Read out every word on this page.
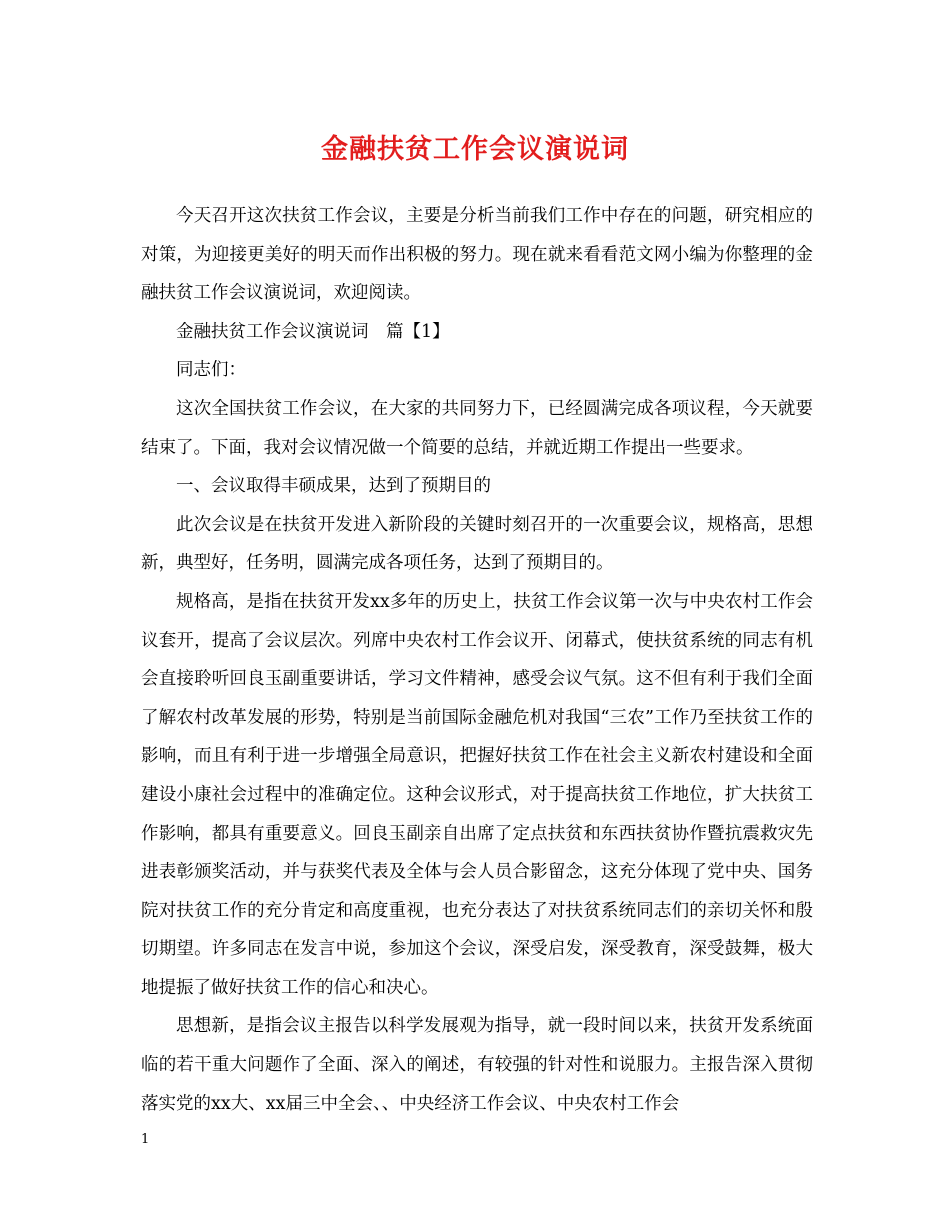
金融扶贫工作会议演说词

今天召开这次扶贫工作会议，主要是分析当前我们工作中存在的问题，研究相应的对策，为迎接更美好的明天而作出积极的努力。现在就来看看范文网小编为你整理的金融扶贫工作会议演说词，欢迎阅读。

金融扶贫工作会议演说词　篇【1】

同志们：

这次全国扶贫工作会议，在大家的共同努力下，已经圆满完成各项议程，今天就要结束了。下面，我对会议情况做一个简要的总结，并就近期工作提出一些要求。

一、会议取得丰硕成果，达到了预期目的

此次会议是在扶贫开发进入新阶段的关键时刻召开的一次重要会议，规格高，思想新，典型好，任务明，圆满完成各项任务，达到了预期目的。

规格高，是指在扶贫开发xx多年的历史上，扶贫工作会议第一次与中央农村工作会议套开，提高了会议层次。列席中央农村工作会议开、闭幕式，使扶贫系统的同志有机会直接聆听回良玉副重要讲话，学习文件精神，感受会议气氛。这不但有利于我们全面了解农村改革发展的形势，特别是当前国际金融危机对我国“三农”工作乃至扶贫工作的影响，而且有利于进一步增强全局意识，把握好扶贫工作在社会主义新农村建设和全面建设小康社会过程中的准确定位。这种会议形式，对于提高扶贫工作地位，扩大扶贫工作影响，都具有重要意义。回良玉副亲自出席了定点扶贫和东西扶贫协作暨抗震救灾先进表彰颁奖活动，并与获奖代表及全体与会人员合影留念，这充分体现了党中央、国务院对扶贫工作的充分肯定和高度重视，也充分表达了对扶贫系统同志们的亲切关怀和殷切期望。许多同志在发言中说，参加这个会议，深受启发，深受教育，深受鼓舞，极大地提振了做好扶贫工作的信心和决心。

思想新，是指会议主报告以科学发展观为指导，就一段时间以来，扶贫开发系统面临的若干重大问题作了全面、深入的阐述，有较强的针对性和说服力。主报告深入贯彻落实党的xx大、xx届三中全会、、中央经济工作会议、中央农村工作会

1
